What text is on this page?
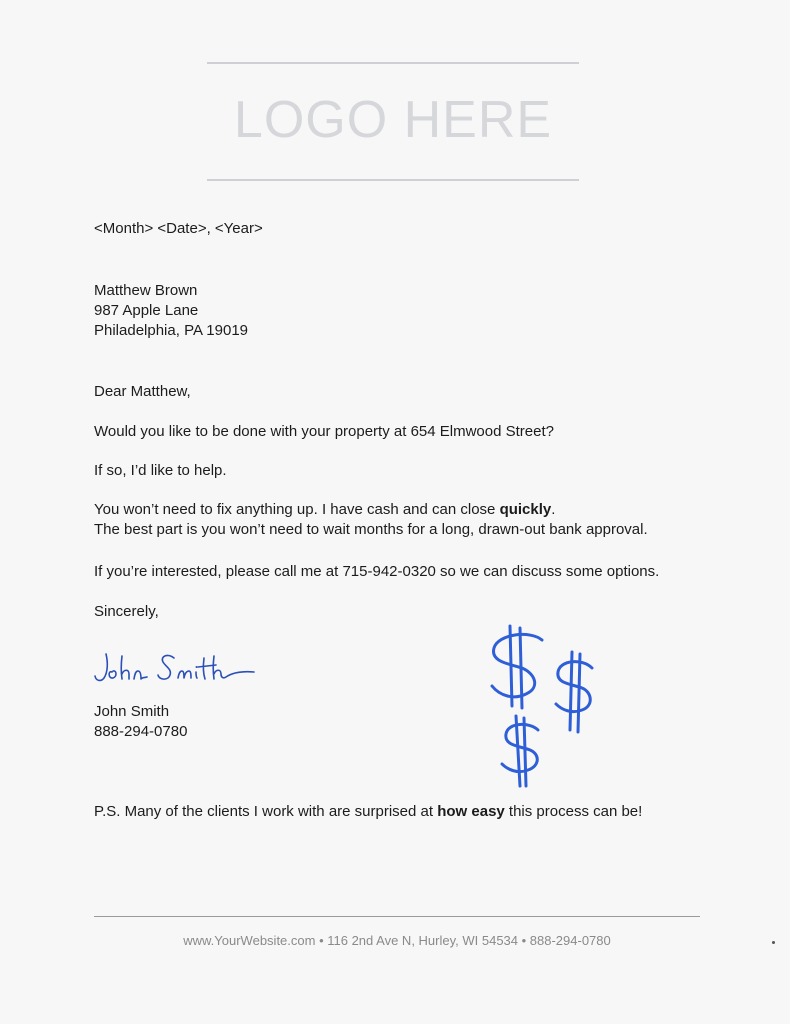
LOGO HERE
<Month> <Date>, <Year>
Matthew Brown
987 Apple Lane
Philadelphia, PA 19019
Dear Matthew,
Would you like to be done with your property at 654 Elmwood Street?
If so, I’d like to help.
You won’t need to fix anything up. I have cash and can close quickly.
The best part is you won’t need to wait months for a long, drawn-out bank approval.
If you’re interested, please call me at 715-942-0320 so we can discuss some options.
Sincerely,
John Smith
888-294-0780
P.S. Many of the clients I work with are surprised at how easy this process can be!
www.YourWebsite.com • 116 2nd Ave N, Hurley, WI 54534 • 888-294-0780
